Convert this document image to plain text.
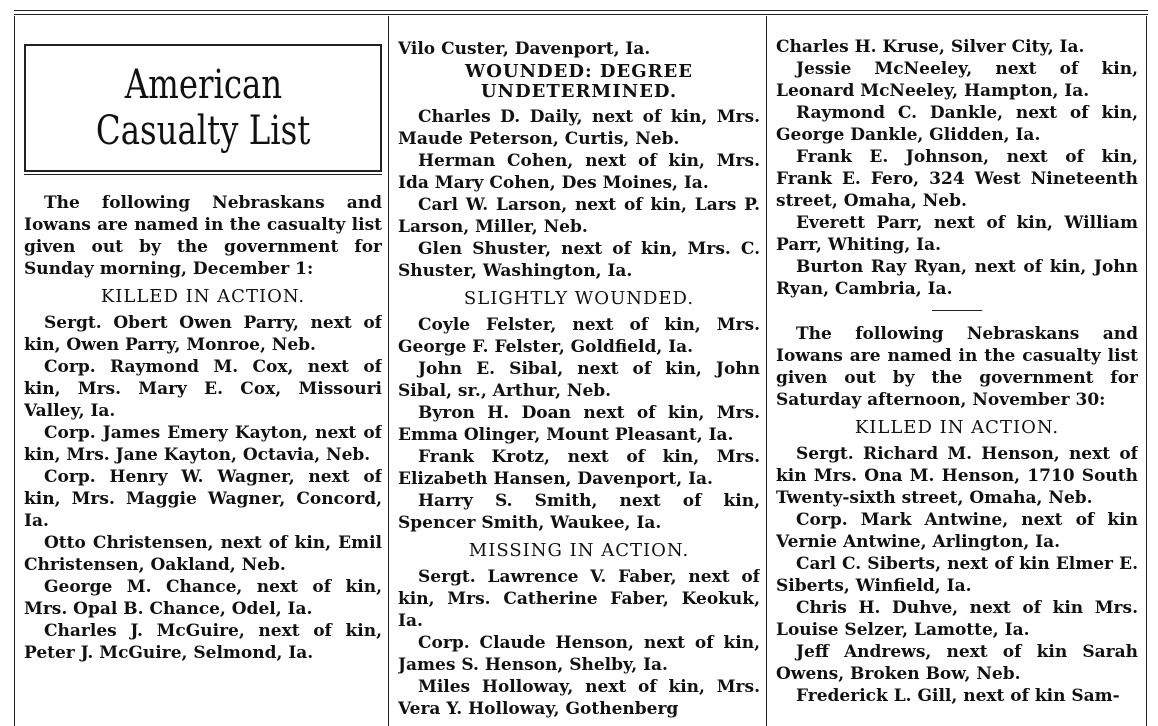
American
Casualty List

The following Nebraskans and Iowans are named in the casualty list given out by the government for Sunday morning, December 1:

KILLED IN ACTION.

Sergt. Obert Owen Parry, next of kin, Owen Parry, Monroe, Neb.

Corp. Raymond M. Cox, next of kin, Mrs. Mary E. Cox, Missouri Valley, Ia.

Corp. James Emery Kayton, next of kin, Mrs. Jane Kayton, Octavia, Neb.

Corp. Henry W. Wagner, next of kin, Mrs. Maggie Wagner, Concord, Ia.

Otto Christensen, next of kin, Emil Christensen, Oakland, Neb.

George M. Chance, next of kin, Mrs. Opal B. Chance, Odel, Ia.

Charles J. McGuire, next of kin, Peter J. McGuire, Selmond, Ia.

Vilo Custer, Davenport, Ia.

WOUNDED: DEGREE UNDETERMINED.

Charles D. Daily, next of kin, Mrs. Maude Peterson, Curtis, Neb.

Herman Cohen, next of kin, Mrs. Ida Mary Cohen, Des Moines, Ia.

Carl W. Larson, next of kin, Lars P. Larson, Miller, Neb.

Glen Shuster, next of kin, Mrs. C. Shuster, Washington, Ia.

SLIGHTLY WOUNDED.

Coyle Felster, next of kin, Mrs. George F. Felster, Goldfield, Ia.

John E. Sibal, next of kin, John Sibal, sr., Arthur, Neb.

Byron H. Doan next of kin, Mrs. Emma Olinger, Mount Pleasant, Ia.

Frank Krotz, next of kin, Mrs. Elizabeth Hansen, Davenport, Ia.

Harry S. Smith, next of kin, Spencer Smith, Waukee, Ia.

MISSING IN ACTION.

Sergt. Lawrence V. Faber, next of kin, Mrs. Catherine Faber, Keokuk, Ia.

Corp. Claude Henson, next of kin, James S. Henson, Shelby, Ia.

Miles Holloway, next of kin, Mrs. Vera Y. Holloway, Gothenberg

Charles H. Kruse, Silver City, Ia.

Jessie McNeeley, next of kin, Leonard McNeeley, Hampton, Ia.

Raymond C. Dankle, next of kin, George Dankle, Glidden, Ia.

Frank E. Johnson, next of kin, Frank E. Fero, 324 West Nineteenth street, Omaha, Neb.

Everett Parr, next of kin, William Parr, Whiting, Ia.

Burton Ray Ryan, next of kin, John Ryan, Cambria, Ia.

The following Nebraskans and Iowans are named in the casualty list given out by the government for Saturday afternoon, November 30:

KILLED IN ACTION.

Sergt. Richard M. Henson, next of kin Mrs. Ona M. Henson, 1710 South Twenty-sixth street, Omaha, Neb.

Corp. Mark Antwine, next of kin Vernie Antwine, Arlington, Ia.

Carl C. Siberts, next of kin Elmer E. Siberts, Winfield, Ia.

Chris H. Duhve, next of kin Mrs. Louise Selzer, Lamotte, Ia.

Jeff Andrews, next of kin Sarah Owens, Broken Bow, Neb.

Frederick L. Gill, next of kin Sam-
